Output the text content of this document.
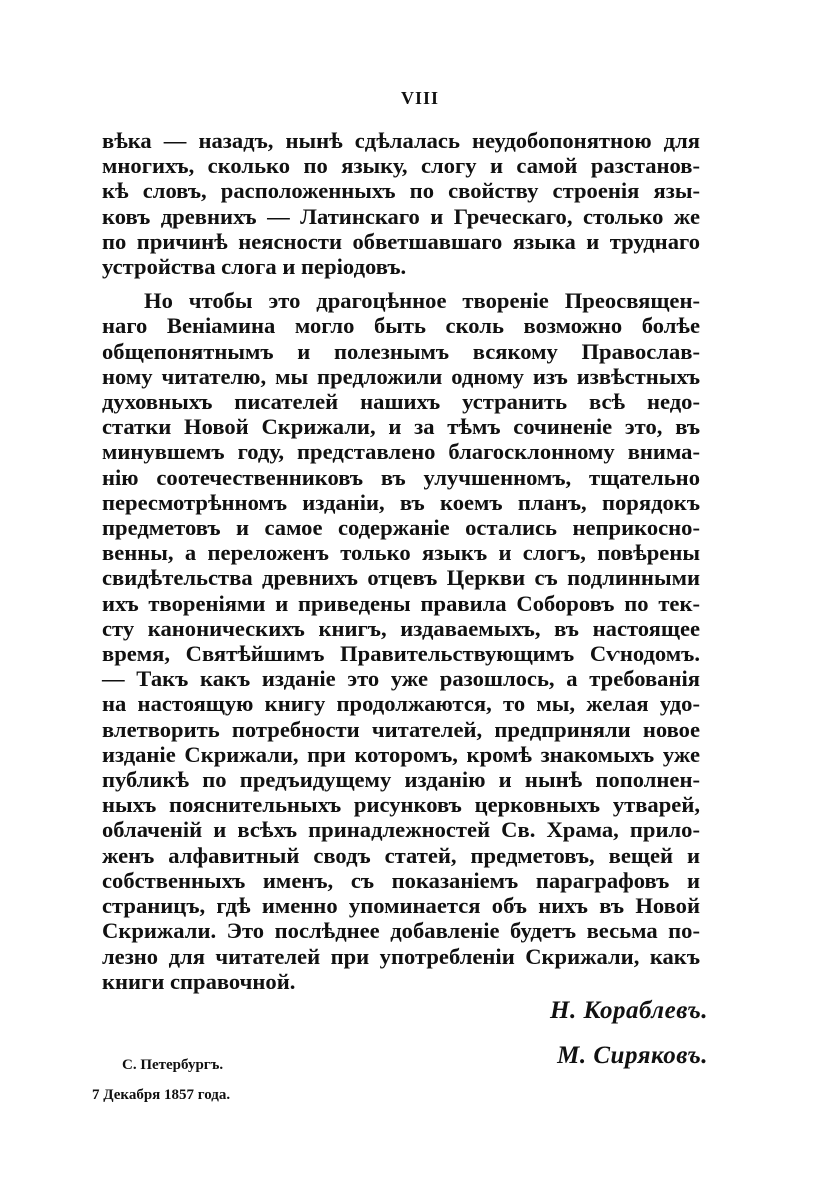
VIII
вѣка — назадъ, нынѣ сдѣлалась неудобопонятною для
многихъ, сколько по языку, слогу и самой разстанов-
кѣ словъ, расположенныхъ по свойству строенія язы-
ковъ древнихъ — Латинскаго и Греческаго, столько же
по причинѣ неясности обветшавшаго языка и труднаго
устройства слога и періодовъ.
Но чтобы это драгоцѣнное твореніе Преосвящен-
наго Веніамина могло быть сколь возможно болѣе
общепонятнымъ и полезнымъ всякому Православ-
ному читателю, мы предложили одному изъ извѣстныхъ
духовныхъ писателей нашихъ устранить всѣ недо-
статки Новой Скрижали, и за тѣмъ сочиненіе это, въ
минувшемъ году, представлено благосклонному внима-
нію соотечественниковъ въ улучшенномъ, тщательно
пересмотрѣнномъ изданіи, въ коемъ планъ, порядокъ
предметовъ и самое содержаніе остались неприкосно-
венны, а переложенъ только языкъ и слогъ, повѣрены
свидѣтельства древнихъ отцевъ Церкви съ подлинными
ихъ твореніями и приведены правила Соборовъ по тек-
сту каноническихъ книгъ, издаваемыхъ, въ настоящее
время, Святѣйшимъ Правительствующимъ Сѵнодомъ.
— Такъ какъ изданіе это уже разошлось, а требованія
на настоящую книгу продолжаются, то мы, желая удо-
влетворить потребности читателей, предприняли новое
изданіе Скрижали, при которомъ, кромѣ знакомыхъ уже
публикѣ по предъидущему изданію и нынѣ пополнен-
ныхъ пояснительныхъ рисунковъ церковныхъ утварей,
облаченій и всѣхъ принадлежностей Св. Храма, прило-
женъ алфавитный сводъ статей, предметовъ, вещей и
собственныхъ именъ, съ показаніемъ параграфовъ и
страницъ, гдѣ именно упоминается объ нихъ въ Новой
Скрижали. Это послѣднее добавленіе будетъ весьма по-
лезно для читателей при употребленіи Скрижали, какъ
книги справочной.
Н. Кораблевъ.
М. Сиряковъ.
С. Петербургъ.
7 Декабря 1857 года.
